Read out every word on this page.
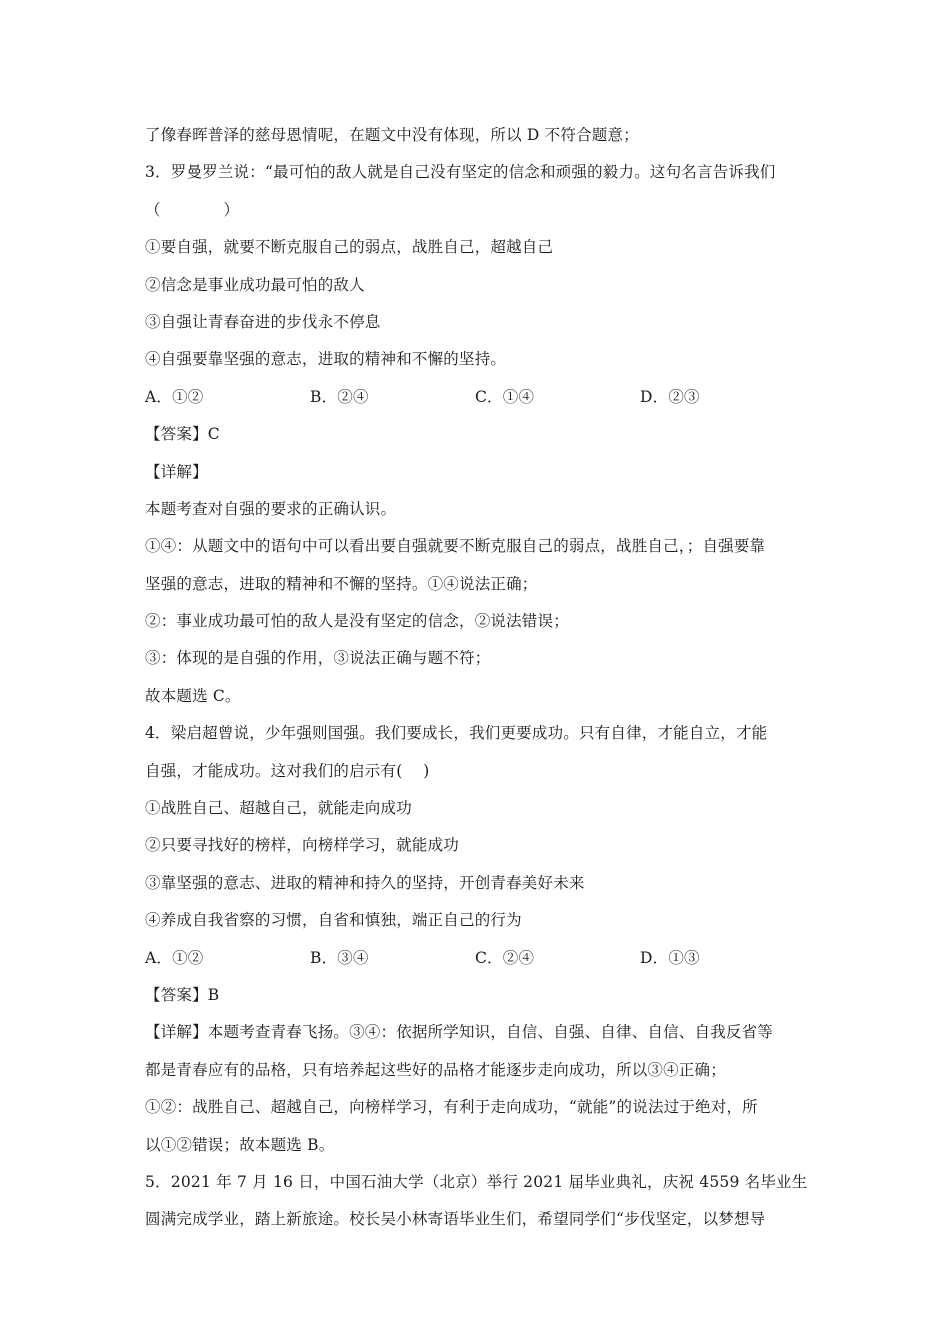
了像春晖普泽的慈母恩情呢，在题文中没有体现，所以 D 不符合题意；
3．罗曼罗兰说：“最可怕的敌人就是自己没有坚定的信念和顽强的毅力。这句名言告诉我们
（　　　　）
①要自强，就要不断克服自己的弱点，战胜自己，超越自己
②信念是事业成功最可怕的敌人
③自强让青春奋进的步伐永不停息
④自强要靠坚强的意志，进取的精神和不懈的坚持。
A．①②	B．②④	C．①④	D．②③
【答案】C
【详解】
本题考查对自强的要求的正确认识。
①④：从题文中的语句中可以看出要自强就要不断克服自己的弱点，战胜自己，；自强要靠
坚强的意志，进取的精神和不懈的坚持。①④说法正确；
②：事业成功最可怕的敌人是没有坚定的信念，②说法错误；
③：体现的是自强的作用，③说法正确与题不符；
故本题选 C。
4．梁启超曾说，少年强则国强。我们要成长，我们更要成功。只有自律，才能自立，才能
自强，才能成功。这对我们的启示有(　 )
①战胜自己、超越自己，就能走向成功
②只要寻找好的榜样，向榜样学习，就能成功
③靠坚强的意志、进取的精神和持久的坚持，开创青春美好未来
④养成自我省察的习惯，自省和慎独，端正自己的行为
A．①②	B．③④	C．②④	D．①③
【答案】B
【详解】本题考查青春飞扬。③④：依据所学知识，自信、自强、自律、自信、自我反省等
都是青春应有的品格，只有培养起这些好的品格才能逐步走向成功，所以③④正确；
①②：战胜自己、超越自己，向榜样学习，有利于走向成功，“就能”的说法过于绝对，所
以①②错误；故本题选 B。
5．2021 年 7 月 16 日，中国石油大学（北京）举行 2021 届毕业典礼，庆祝 4559 名毕业生
圆满完成学业，踏上新旅途。校长吴小林寄语毕业生们，希望同学们“步伐坚定，以梦想导
